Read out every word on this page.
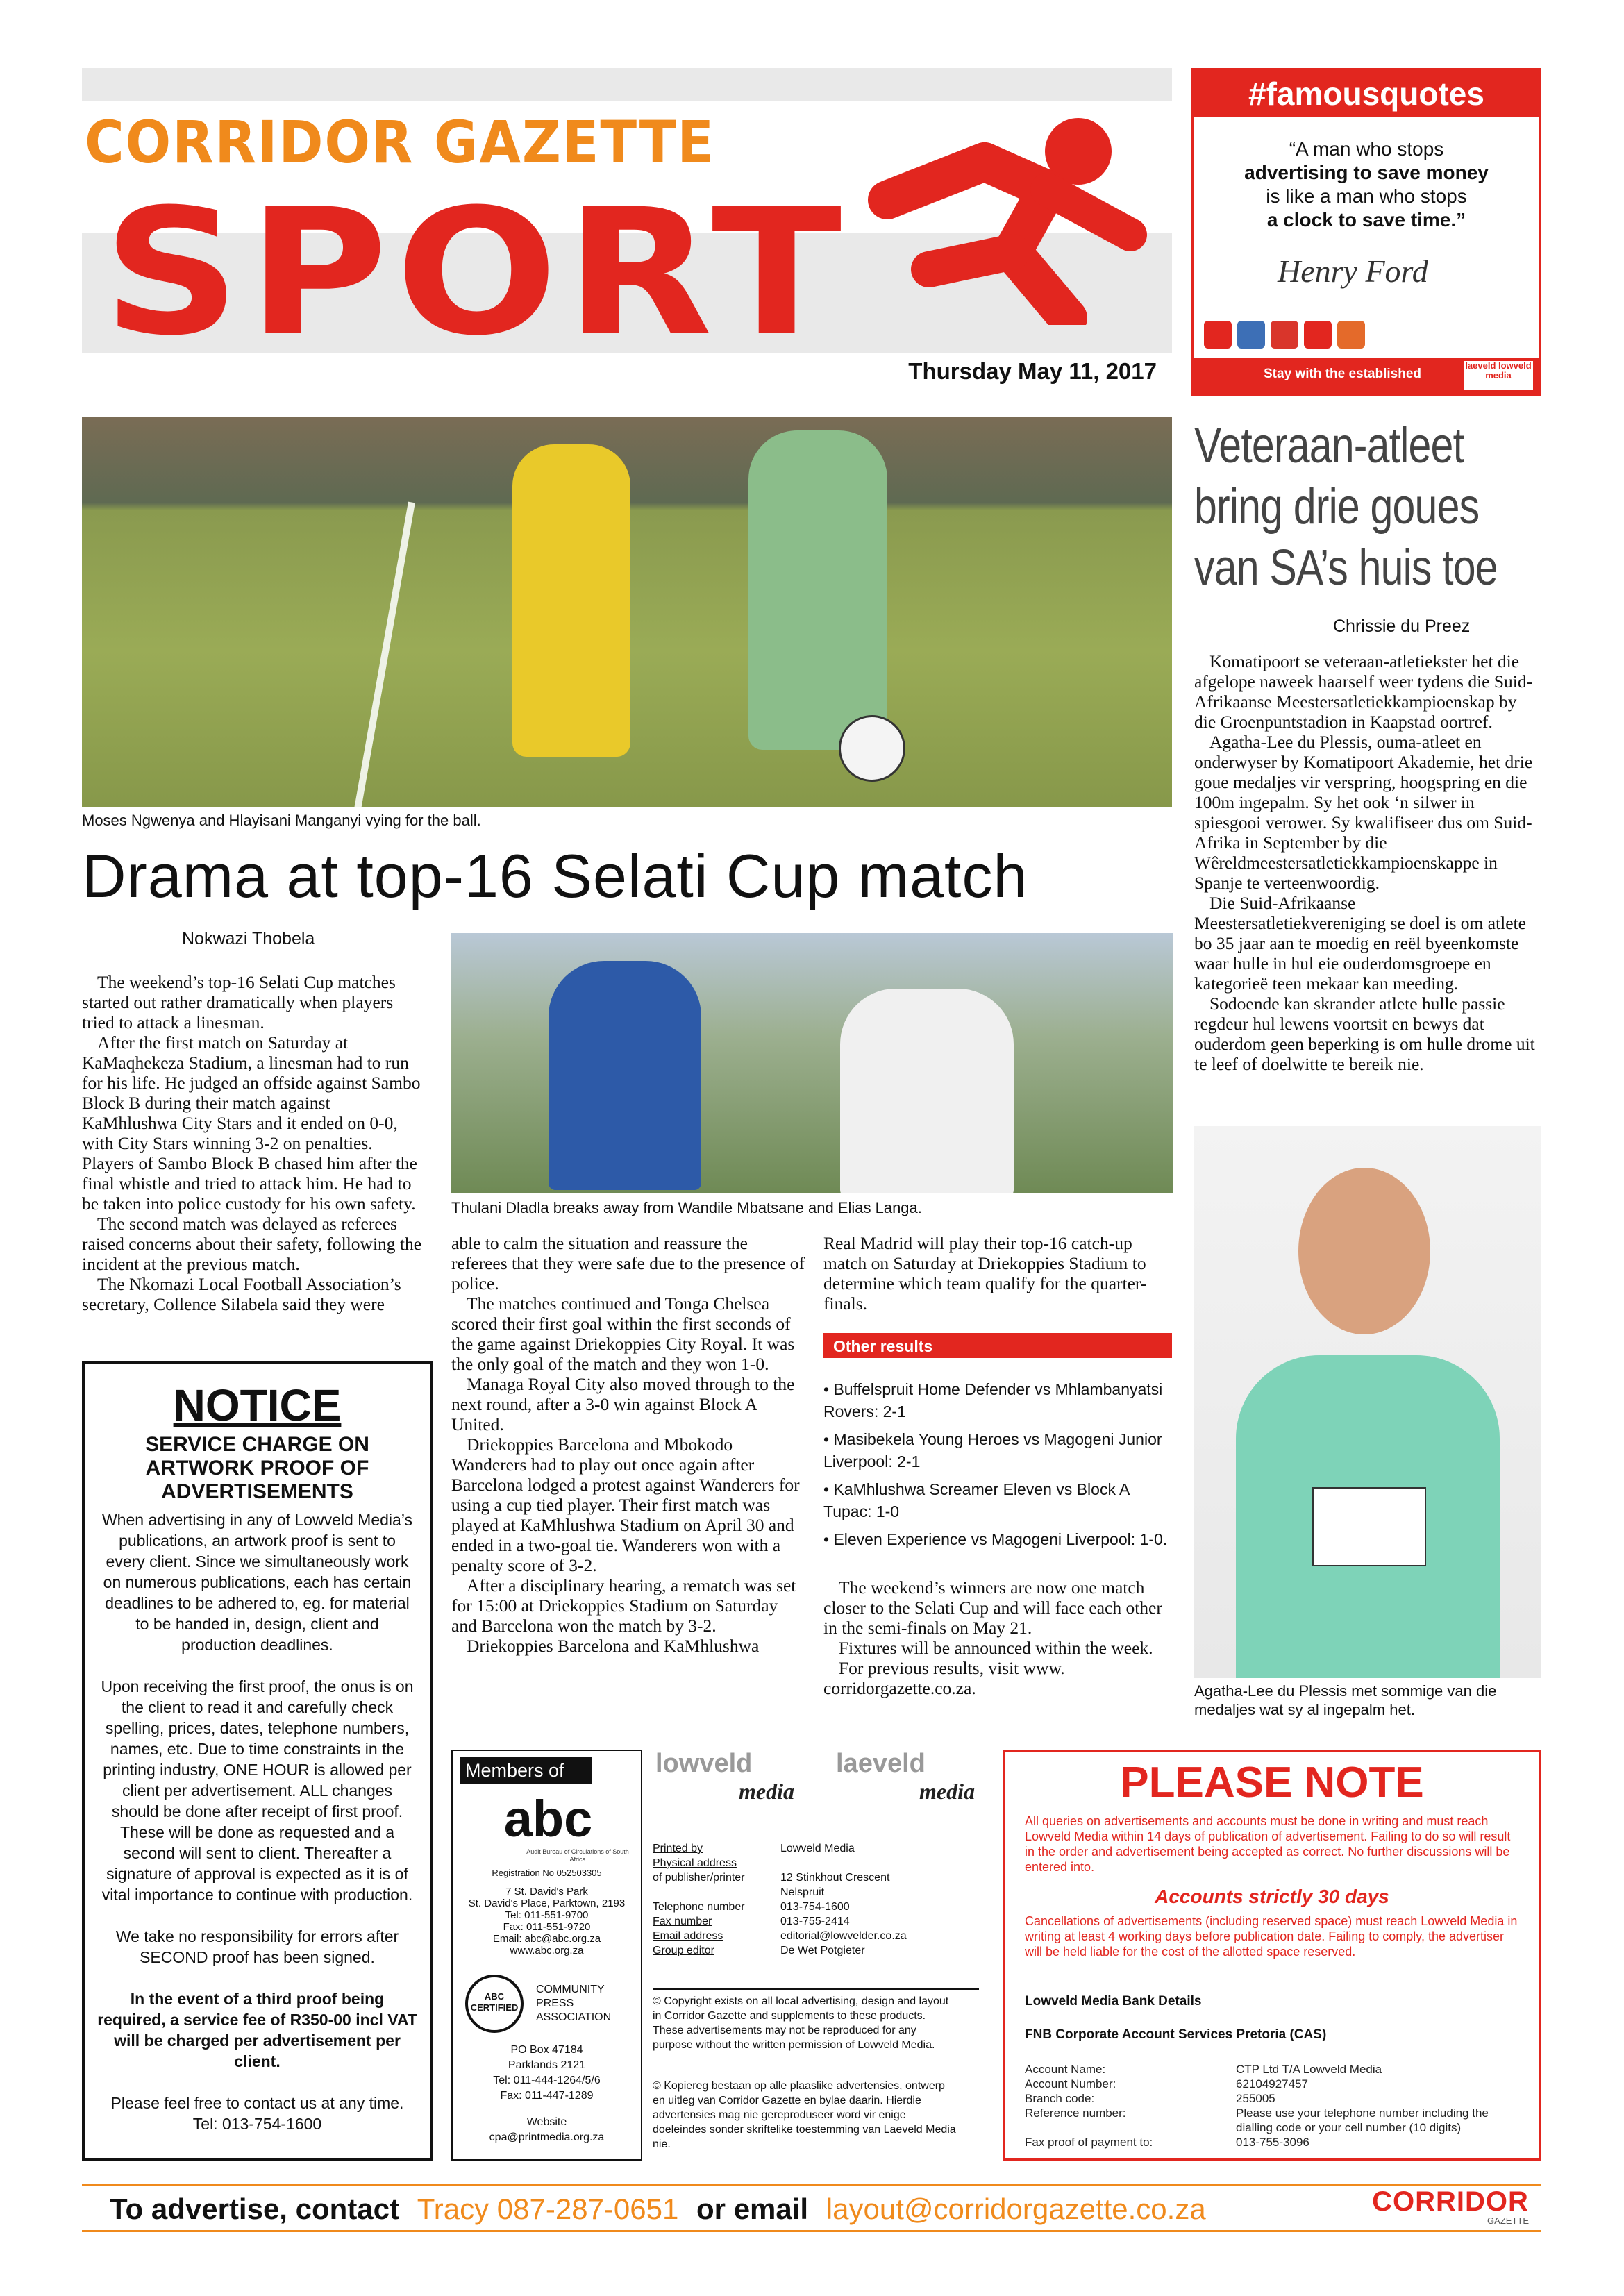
CORRIDOR GAZETTE
SPORT	Thursday May 11, 2017
#famousquotes
“A man who stops
advertising to save money
is like a man who stops
a clock to save time.”
Henry Ford
Stay with the established
laeveld lowveld media
Moses Ngwenya and Hlayisani Manganyi vying for the ball.
Drama at top-16 Selati Cup match
Nokwazi Thobela

The weekend’s top-16 Selati Cup matches started out rather dramatically when players tried to attack a linesman.

After the first match on Saturday at KaMaqhekeza Stadium, a linesman had to run for his life. He judged an offside against Sambo Block B during their match against KaMhlushwa City Stars and it ended on 0-0, with City Stars winning 3-2 on penalties. Players of Sambo Block B chased him after the final whistle and tried to attack him. He had to be taken into police custody for his own safety.

The second match was delayed as referees raised concerns about their safety, following the incident at the previous match.

The Nkomazi Local Football Association’s secretary, Collence Silabela said they were

Thulani Dladla breaks away from Wandile Mbatsane and Elias Langa.

able to calm the situation and reassure the referees that they were safe due to the presence of police.

The matches continued and Tonga Chelsea scored their first goal within the first seconds of the game against Driekoppies City Royal. It was the only goal of the match and they won 1-0.

Managa Royal City also moved through to the next round, after a 3-0 win against Block A United.

Driekoppies Barcelona and Mbokodo Wanderers had to play out once again after Barcelona lodged a protest against Wanderers for using a cup tied player. Their first match was played at KaMhlushwa Stadium on April 30 and ended in a two-goal tie. Wanderers won with a penalty score of 3-2.

After a disciplinary hearing, a rematch was set for 15:00 at Driekoppies Stadium on Saturday and Barcelona won the match by 3-2.

Driekoppies Barcelona and KaMhlushwa

Real Madrid will play their top-16 catch-up match on Saturday at Driekoppies Stadium to determine which team qualify for the quarter-finals.

Other results
• Buffelspruit Home Defender vs Mhlambanyatsi Rovers: 2-1
• Masibekela Young Heroes vs Magogeni Junior Liverpool: 2-1
• KaMhlushwa Screamer Eleven vs Block A Tupac: 1-0
• Eleven Experience vs Magogeni Liverpool: 1-0.

The weekend’s winners are now one match closer to the Selati Cup and will face each other in the semi-finals on May 21.

Fixtures will be announced within the week.

For previous results, visit www. corridorgazette.co.za.

Veteraan-atleet bring drie goues van SA’s huis toe
Chrissie du Preez

Komatipoort se veteraan-atletiekster het die afgelope naweek haarself weer tydens die Suid-Afrikaanse Meestersatletiekkampioenskap by die Groenpuntstadion in Kaapstad oortref.

Agatha-Lee du Plessis, ouma-atleet en onderwyser by Komatipoort Akademie, het drie goue medaljes vir verspring, hoogspring en die 100m ingepalm. Sy het ook ‘n silwer in spiesgooi verower. Sy kwalifiseer dus om Suid-Afrika in September by die Wêreldmeestersatletiekkampioenskappe in Spanje te verteenwoordig.

Die Suid-Afrikaanse Meestersatletiekvereniging se doel is om atlete bo 35 jaar aan te moedig en reël byeenkomste waar hulle in hul eie ouderdomsgroepe en kategorieë teen mekaar kan meeding.

Sodoende kan skrander atlete hulle passie regdeur hul lewens voortsit en bewys dat ouderdom geen beperking is om hulle drome uit te leef of doelwitte te bereik nie.

Agatha-Lee du Plessis met sommige van die medaljes wat sy al ingepalm het.
NOTICE
SERVICE CHARGE ON ARTWORK PROOF OF ADVERTISEMENTS

When advertising in any of Lowveld Media’s publications, an artwork proof is sent to every client. Since we simultaneously work on numerous publications, each has certain deadlines to be adhered to, eg. for material to be handed in, design, client and production deadlines.

Upon receiving the first proof, the onus is on the client to read it and carefully check spelling, prices, dates, telephone numbers, names, etc. Due to time constraints in the printing industry, ONE HOUR is allowed per client per advertisement. ALL changes should be done after receipt of first proof. These will be done as requested and a second will sent to client. Thereafter a signature of approval is expected as it is of vital importance to continue with production.

We take no responsibility for errors after SECOND proof has been signed.

In the event of a third proof being required, a service fee of R350-00 incl VAT will be charged per advertisement per client.

Please feel free to contact us at any time. Tel: 013-754-1600

Members of
abc
Audit Bureau of Circulations of South Africa
Registration No 052503305
7 St. David's Park
St. David's Place, Parktown, 2193
Tel: 011-551-9700
Fax: 011-551-9720
Email: abc@abc.org.za
www.abc.org.za
ABC CERTIFIED
COMMUNITY
PRESS
ASSOCIATION
PO Box 47184
Parklands 2121
Tel: 011-444-1264/5/6
Fax: 011-447-1289
Website
cpa@printmedia.org.za
lowveld
media
laeveld
media
Printed by	Lowveld Media
Physical address	
of publisher/printer	12 Stinkhout Crescent
	Nelspruit
Telephone number	013-754-1600
Fax number	013-755-2414
Email address	editorial@lowvelder.co.za
Group editor	De Wet Potgieter
© Copyright exists on all local advertising, design and layout in Corridor Gazette and supplements to these products. These advertisements may not be reproduced for any purpose without the written permission of Lowveld Media.
© Kopiereg bestaan op alle plaaslike advertensies, ontwerp en uitleg van Corridor Gazette en bylae daarin. Hierdie advertensies mag nie gereproduseer word vir enige doeleindes sonder skriftelike toestemming van Laeveld Media nie.
PLEASE NOTE
All queries on advertisements and accounts must be done in writing and must reach Lowveld Media within 14 days of publication of advertisement. Failing to do so will result in the order and advertisement being accepted as correct. No further discussions will be entered into.
Accounts strictly 30 days
Cancellations of advertisements (including reserved space) must reach Lowveld Media in writing at least 4 working days before publication date. Failing to comply, the advertiser will be held liable for the cost of the allotted space reserved.
Lowveld Media Bank Details
FNB Corporate Account Services Pretoria (CAS)
Account Name:	CTP Ltd T/A Lowveld Media
Account Number:	62104927457
Branch code:	255005
Reference number:	Please use your telephone number including the dialling code or your cell number (10 digits)
Fax proof of payment to:	013-755-3096
To advertise, contact Tracy 087-287-0651 or email layout@corridorgazette.co.za	CORRIDOR
GAZETTE
